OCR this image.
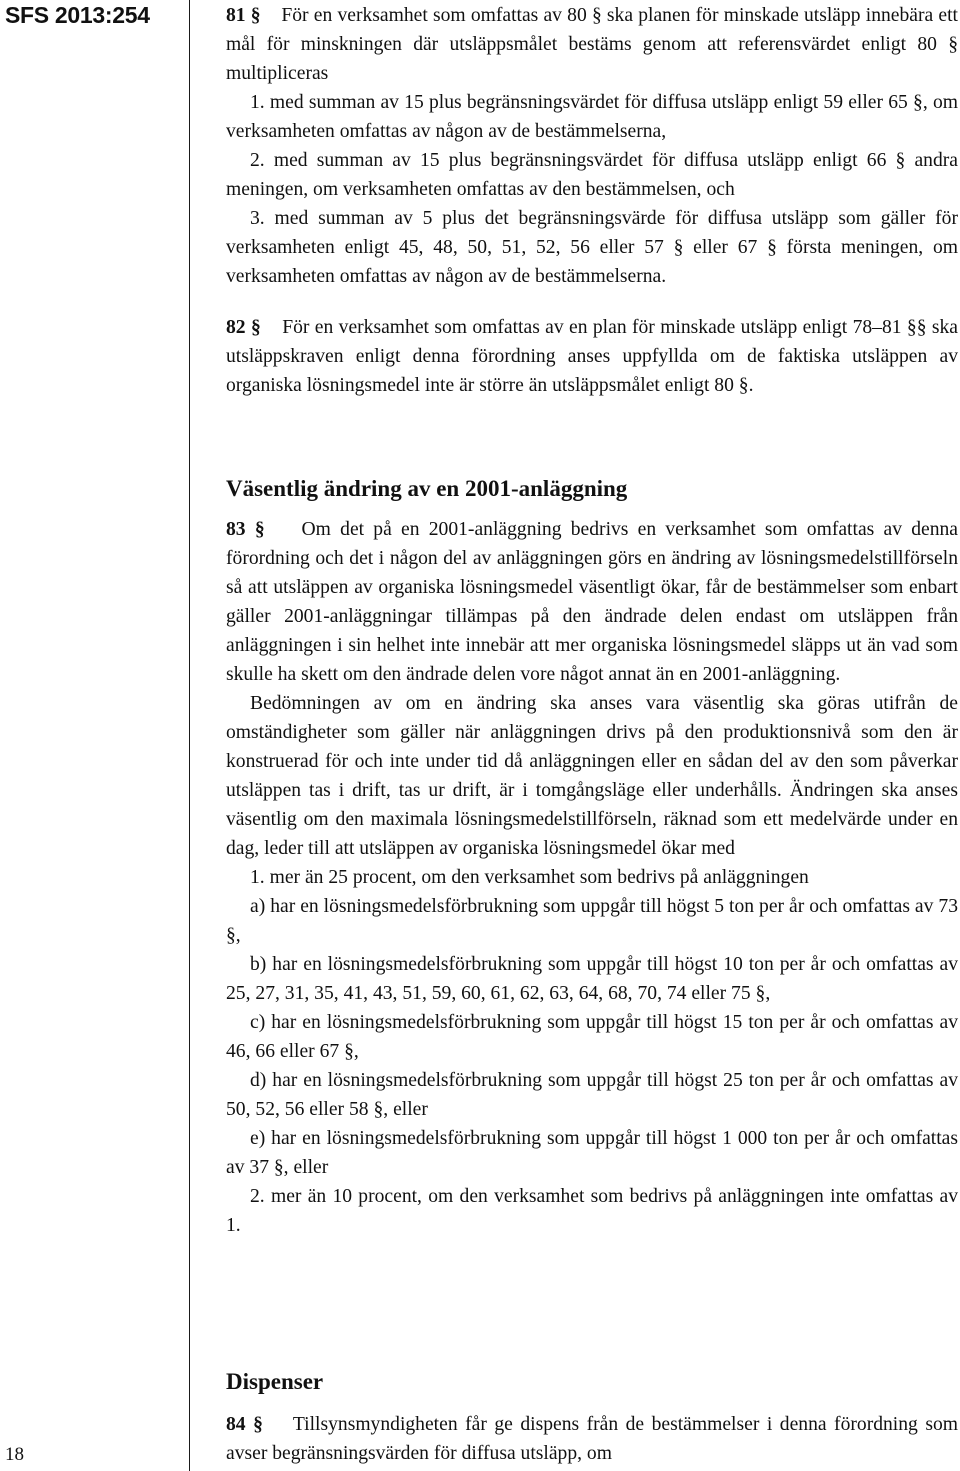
SFS 2013:254
18

81 § För en verksamhet som omfattas av 80 § ska planen för minskade utsläpp innebära ett mål för minskningen där utsläppsmålet bestäms genom att referensvärdet enligt 80 § multipliceras

1. med summan av 15 plus begränsningsvärdet för diffusa utsläpp enligt 59 eller 65 §, om verksamheten omfattas av någon av de bestämmelserna,

2. med summan av 15 plus begränsningsvärdet för diffusa utsläpp enligt 66 § andra meningen, om verksamheten omfattas av den bestämmelsen, och

3. med summan av 5 plus det begränsningsvärde för diffusa utsläpp som gäller för verksamheten enligt 45, 48, 50, 51, 52, 56 eller 57 § eller 67 § första meningen, om verksamheten omfattas av någon av de bestämmelserna.

82 § För en verksamhet som omfattas av en plan för minskade utsläpp enligt 78–81 §§ ska utsläppskraven enligt denna förordning anses uppfyllda om de faktiska utsläppen av organiska lösningsmedel inte är större än utsläppsmålet enligt 80 §.

Väsentlig ändring av en 2001-anläggning

83 § Om det på en 2001-anläggning bedrivs en verksamhet som omfattas av denna förordning och det i någon del av anläggningen görs en ändring av lösningsmedelstillförseln så att utsläppen av organiska lösningsmedel väsentligt ökar, får de bestämmelser som enbart gäller 2001-anläggningar tillämpas på den ändrade delen endast om utsläppen från anläggningen i sin helhet inte innebär att mer organiska lösningsmedel släpps ut än vad som skulle ha skett om den ändrade delen vore något annat än en 2001-anläggning.

Bedömningen av om en ändring ska anses vara väsentlig ska göras utifrån de omständigheter som gäller när anläggningen drivs på den produktionsnivå som den är konstruerad för och inte under tid då anläggningen eller en sådan del av den som påverkar utsläppen tas i drift, tas ur drift, är i tomgångsläge eller underhålls. Ändringen ska anses väsentlig om den maximala lösningsmedelstillförseln, räknad som ett medelvärde under en dag, leder till att utsläppen av organiska lösningsmedel ökar med

1. mer än 25 procent, om den verksamhet som bedrivs på anläggningen

a) har en lösningsmedelsförbrukning som uppgår till högst 5 ton per år och omfattas av 73 §,

b) har en lösningsmedelsförbrukning som uppgår till högst 10 ton per år och omfattas av 25, 27, 31, 35, 41, 43, 51, 59, 60, 61, 62, 63, 64, 68, 70, 74 eller 75 §,

c) har en lösningsmedelsförbrukning som uppgår till högst 15 ton per år och omfattas av 46, 66 eller 67 §,

d) har en lösningsmedelsförbrukning som uppgår till högst 25 ton per år och omfattas av 50, 52, 56 eller 58 §, eller

e) har en lösningsmedelsförbrukning som uppgår till högst 1 000 ton per år och omfattas av 37 §, eller

2. mer än 10 procent, om den verksamhet som bedrivs på anläggningen inte omfattas av 1.

Dispenser

84 § Tillsynsmyndigheten får ge dispens från de bestämmelser i denna förordning som avser begränsningsvärden för diffusa utsläpp, om
